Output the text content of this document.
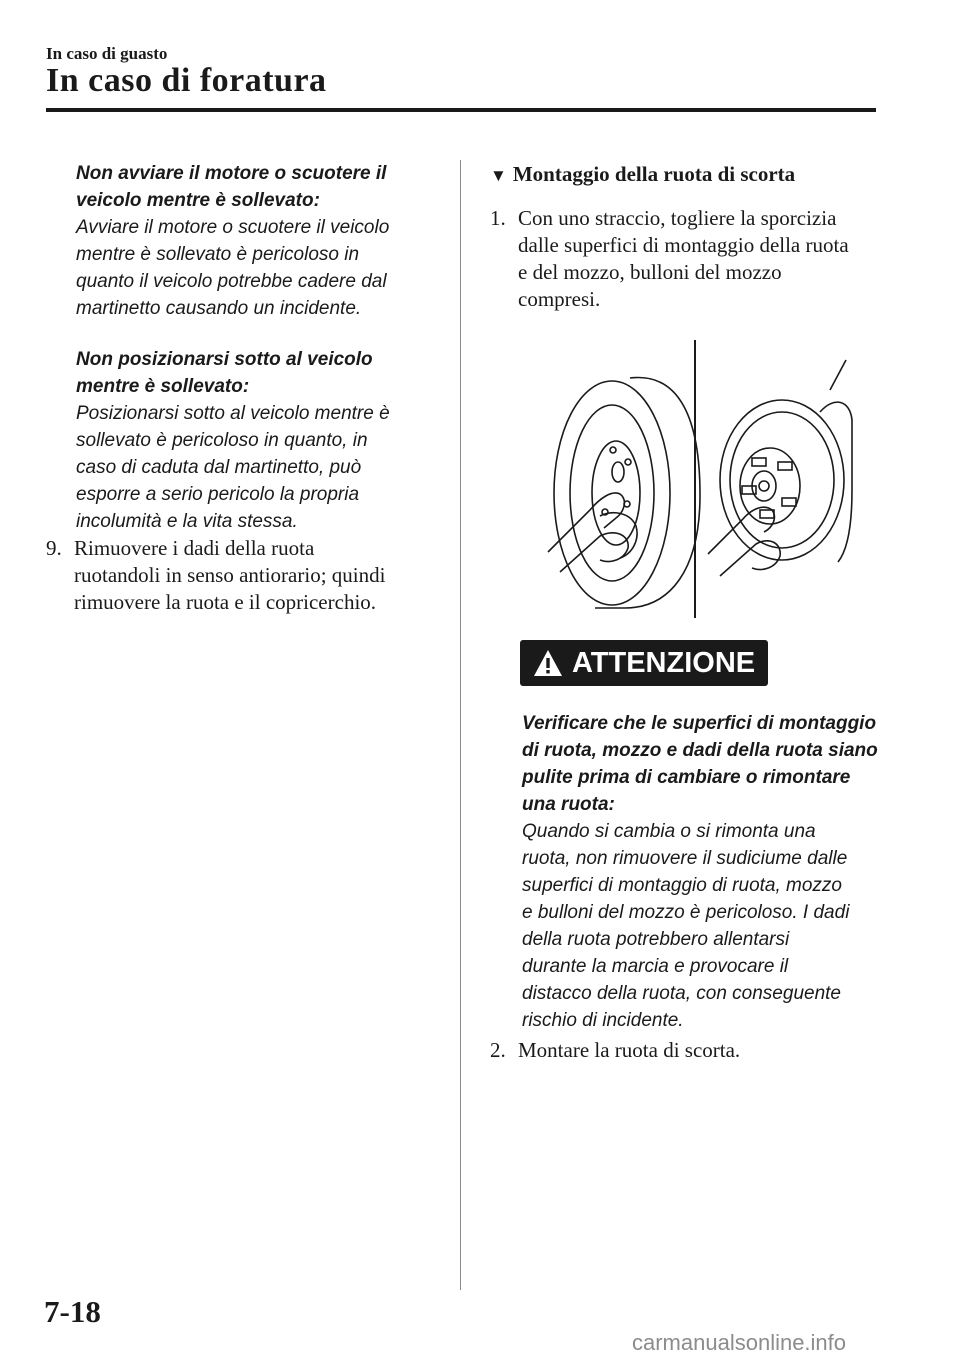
In caso di guasto
In caso di foratura
Non avviare il motore o scuotere il
veicolo mentre è sollevato:
Avviare il motore o scuotere il veicolo
mentre è sollevato è pericoloso in
quanto il veicolo potrebbe cadere dal
martinetto causando un incidente.
Non posizionarsi sotto al veicolo
mentre è sollevato:
Posizionarsi sotto al veicolo mentre è
sollevato è pericoloso in quanto, in
caso di caduta dal martinetto, può
esporre a serio pericolo la propria
incolumità e la vita stessa.
9. Rimuovere i dadi della ruota
ruotandoli in senso antiorario; quindi
rimuovere la ruota e il copricerchio.
▼ Montaggio della ruota di scorta
1. Con uno straccio, togliere la sporcizia
dalle superfici di montaggio della ruota
e del mozzo, bulloni del mozzo
compresi.
ATTENZIONE
Verificare che le superfici di montaggio
di ruota, mozzo e dadi della ruota siano
pulite prima di cambiare o rimontare
una ruota:
Quando si cambia o si rimonta una
ruota, non rimuovere il sudiciume dalle
superfici di montaggio di ruota, mozzo
e bulloni del mozzo è pericoloso. I dadi
della ruota potrebbero allentarsi
durante la marcia e provocare il
distacco della ruota, con conseguente
rischio di incidente.
2. Montare la ruota di scorta.
7-18
carmanualsonline.info
